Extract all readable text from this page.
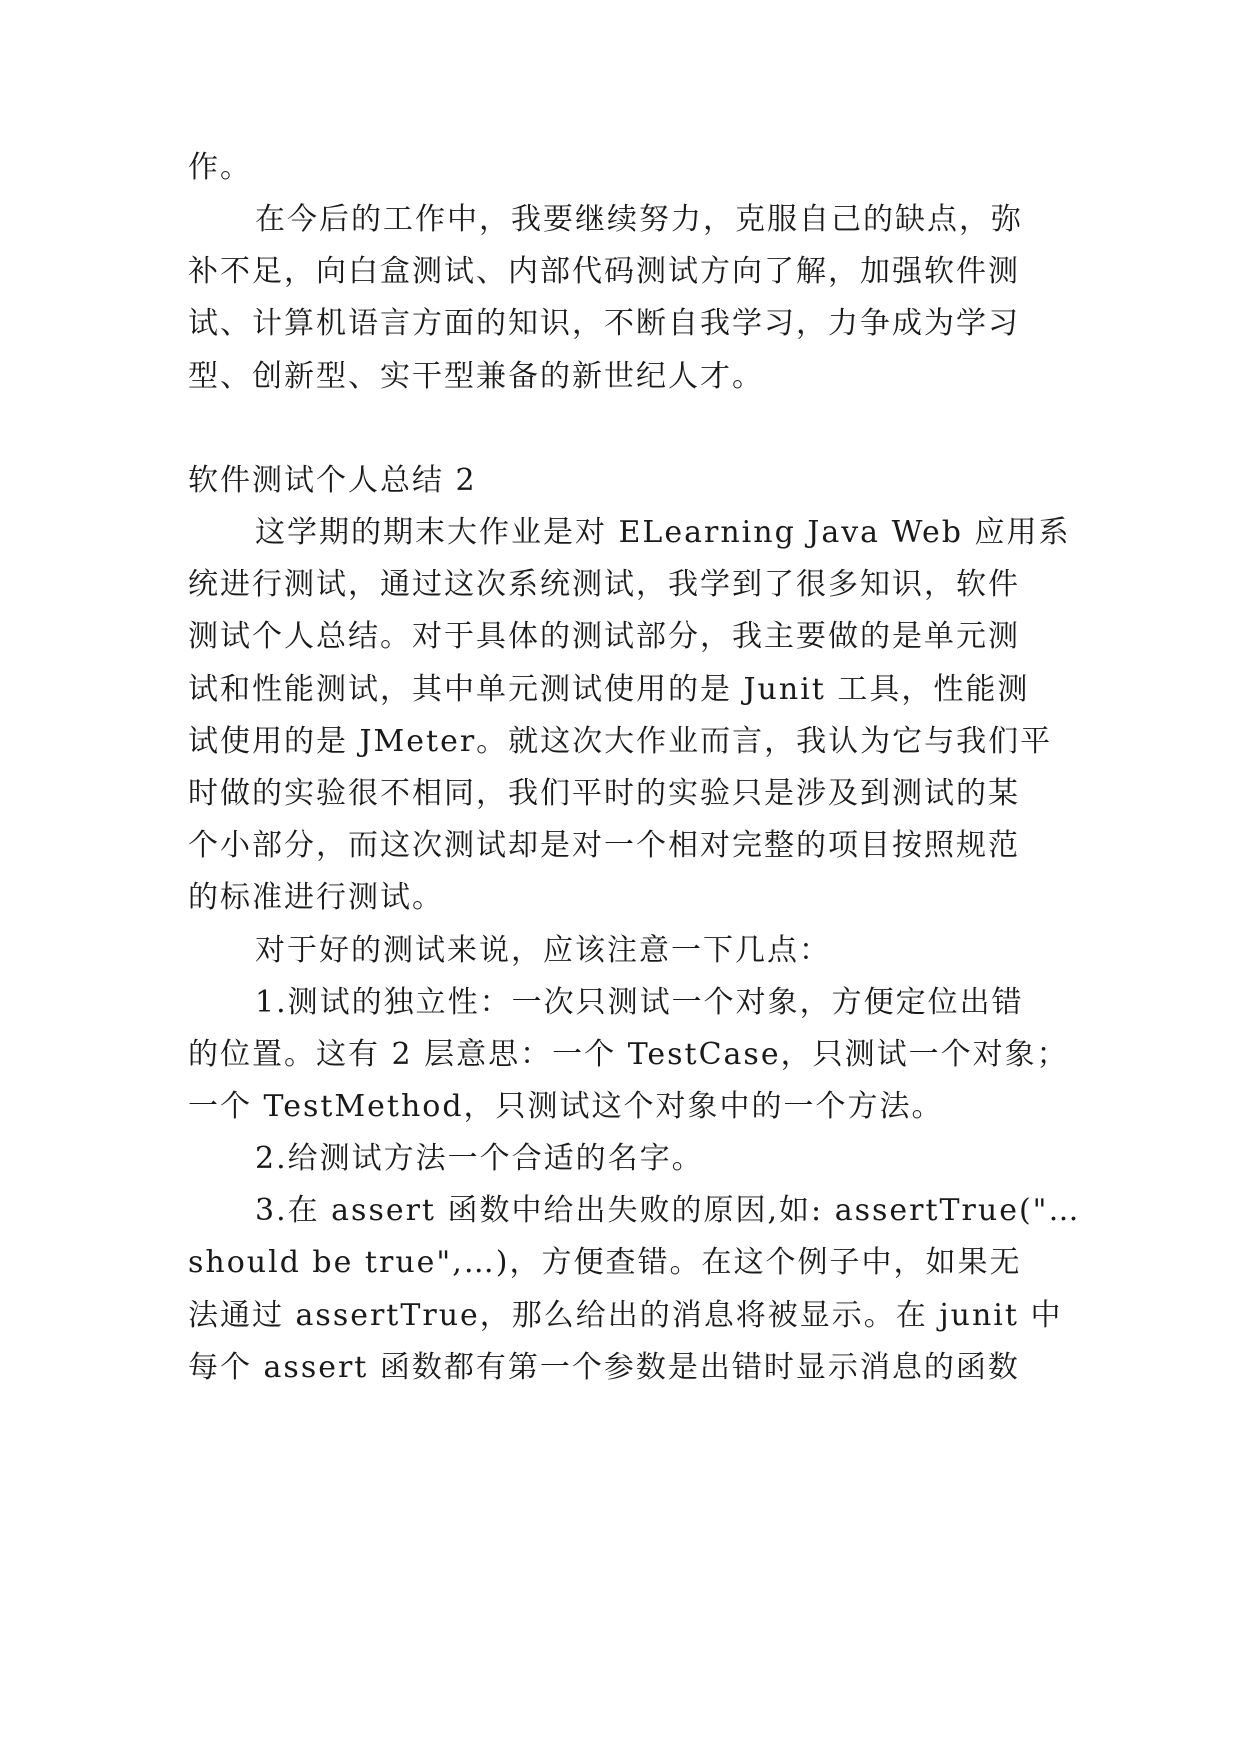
作。
在今后的工作中，我要继续努力，克服自己的缺点，弥
补不足，向白盒测试、内部代码测试方向了解，加强软件测
试、计算机语言方面的知识，不断自我学习，力争成为学习
型、创新型、实干型兼备的新世纪人才。
软件测试个人总结 2
这学期的期末大作业是对 ELearning Java Web 应用系
统进行测试，通过这次系统测试，我学到了很多知识，软件
测试个人总结。对于具体的测试部分，我主要做的是单元测
试和性能测试，其中单元测试使用的是 Junit 工具，性能测
试使用的是 JMeter。就这次大作业而言，我认为它与我们平
时做的实验很不相同，我们平时的实验只是涉及到测试的某
个小部分，而这次测试却是对一个相对完整的项目按照规范
的标准进行测试。
对于好的测试来说，应该注意一下几点：
1.测试的独立性：一次只测试一个对象，方便定位出错
的位置。这有 2 层意思：一个 TestCase，只测试一个对象；
一个 TestMethod，只测试这个对象中的一个方法。
2.给测试方法一个合适的名字。
3.在 assert 函数中给出失败的原因,如: assertTrue("…
should be true",…)，方便查错。在这个例子中，如果无
法通过 assertTrue，那么给出的消息将被显示。在 junit 中
每个 assert 函数都有第一个参数是出错时显示消息的函数
